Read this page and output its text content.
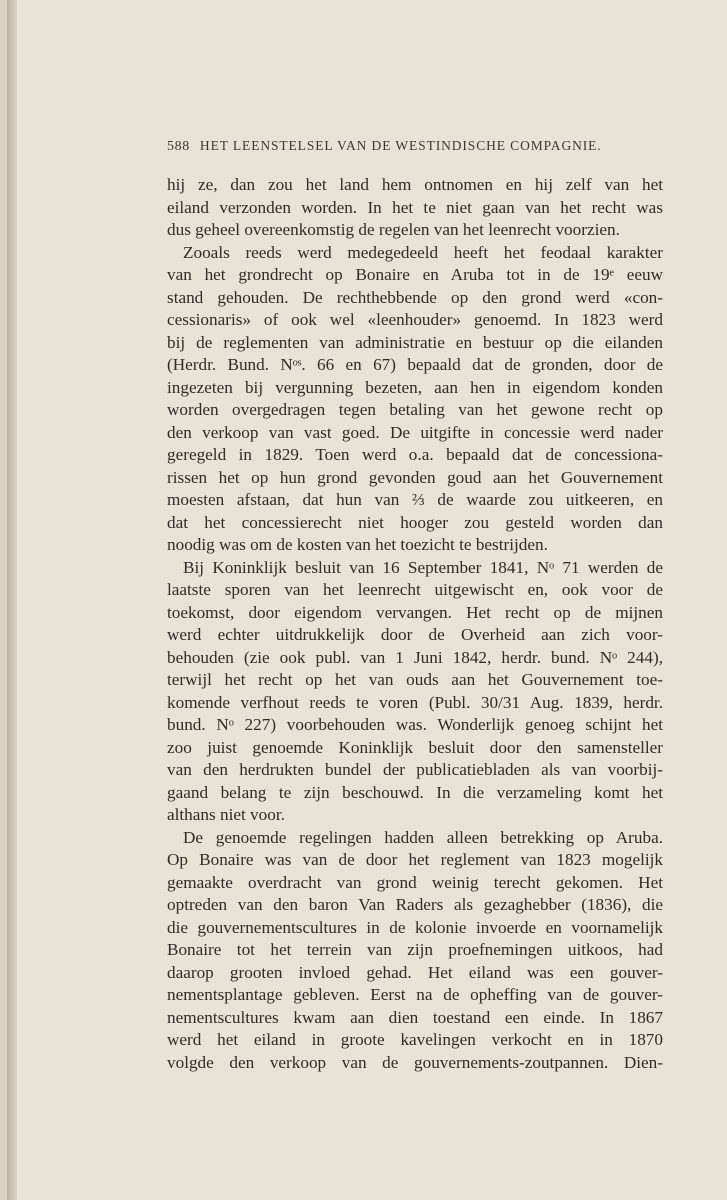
588 HET LEENSTELSEL VAN DE WESTINDISCHE COMPAGNIE.
hij ze, dan zou het land hem ontnomen en hij zelf van het
eiland verzonden worden. In het te niet gaan van het recht was
dus geheel overeenkomstig de regelen van het leenrecht voorzien.
Zooals reeds werd medegedeeld heeft het feodaal karakter
van het grondrecht op Bonaire en Aruba tot in de 19ᵉ eeuw
stand gehouden. De rechthebbende op den grond werd «con-
cessionaris» of ook wel «leenhouder» genoemd. In 1823 werd
bij de reglementen van administratie en bestuur op die eilanden
(Herdr. Bund. Nᵒˢ. 66 en 67) bepaald dat de gronden, door de
ingezeten bij vergunning bezeten, aan hen in eigendom konden
worden overgedragen tegen betaling van het gewone recht op
den verkoop van vast goed. De uitgifte in concessie werd nader
geregeld in 1829. Toen werd o.a. bepaald dat de concessiona-
rissen het op hun grond gevonden goud aan het Gouvernement
moesten afstaan, dat hun van ⅔ de waarde zou uitkeeren, en
dat het concessierecht niet hooger zou gesteld worden dan
noodig was om de kosten van het toezicht te bestrijden.
Bij Koninklijk besluit van 16 September 1841, Nᵒ 71 werden de
laatste sporen van het leenrecht uitgewischt en, ook voor de
toekomst, door eigendom vervangen. Het recht op de mijnen
werd echter uitdrukkelijk door de Overheid aan zich voor-
behouden (zie ook publ. van 1 Juni 1842, herdr. bund. Nᵒ 244),
terwijl het recht op het van ouds aan het Gouvernement toe-
komende verfhout reeds te voren (Publ. 30/31 Aug. 1839, herdr.
bund. Nᵒ 227) voorbehouden was. Wonderlijk genoeg schijnt het
zoo juist genoemde Koninklijk besluit door den samensteller
van den herdrukten bundel der publicatiebladen als van voorbij-
gaand belang te zijn beschouwd. In die verzameling komt het
althans niet voor.
De genoemde regelingen hadden alleen betrekking op Aruba.
Op Bonaire was van de door het reglement van 1823 mogelijk
gemaakte overdracht van grond weinig terecht gekomen. Het
optreden van den baron Van Raders als gezaghebber (1836), die
die gouvernementscultures in de kolonie invoerde en voornamelijk
Bonaire tot het terrein van zijn proefnemingen uitkoos, had
daarop grooten invloed gehad. Het eiland was een gouver-
nementsplantage gebleven. Eerst na de opheffing van de gouver-
nementscultures kwam aan dien toestand een einde. In 1867
werd het eiland in groote kavelingen verkocht en in 1870
volgde den verkoop van de gouvernements-zoutpannen. Dien-
